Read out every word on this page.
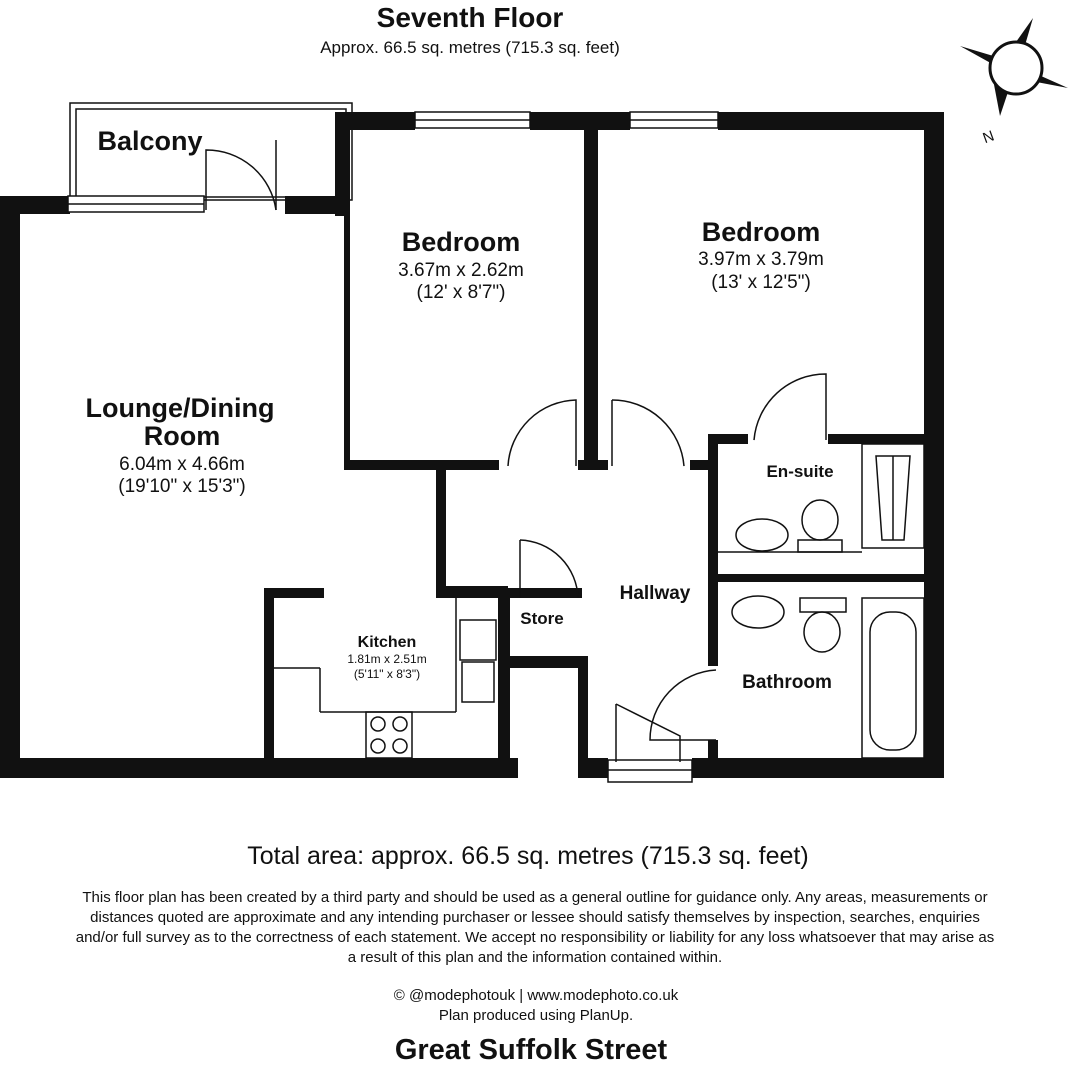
Seventh Floor
Approx. 66.5 sq. metres (715.3 sq. feet)
N
Balcony
Bedroom
3.67m x 2.62m
(12' x 8'7")
Bedroom
3.97m x 3.79m
(13' x 12'5")
Lounge/Dining
Room
6.04m x 4.66m
(19'10" x 15'3")
En-suite
Store
Hallway
Kitchen
1.81m x 2.51m
(5'11" x 8'3")	Bathroom
Total area: approx. 66.5 sq. metres (715.3 sq. feet)
This floor plan has been created by a third party and should be used as a general outline for guidance only. Any areas, measurements or distances quoted are approximate and any intending purchaser or lessee should satisfy themselves by inspection, searches, enquiries and/or full survey as to the correctness of each statement. We accept no responsibility or liability for any loss whatsoever that may arise as a result of this plan and the information contained within.
© @modephotouk | www.modephoto.co.uk
Plan produced using PlanUp.
Great Suffolk Street
